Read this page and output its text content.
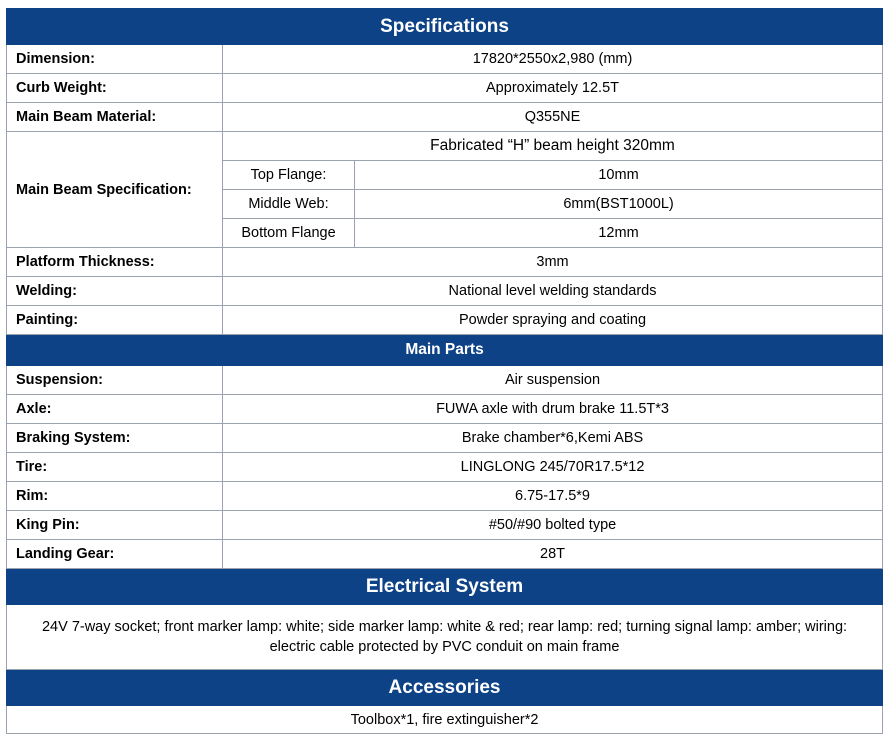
Specifications		
Dimension:	17820*2550x2,980 (mm)	
Curb Weight:	Approximately 12.5T	
Main Beam Material:	Q355NE	
Main Beam Specification:	Fabricated “H” beam height 320mm	
	Top Flange:	10mm
	Middle Web:	6mm(BST1000L)
	Bottom Flange	12mm
Platform Thickness:	3mm	
Welding:	National level welding standards	
Painting:	Powder spraying and coating	
Main Parts		
Suspension:	Air suspension	
Axle:	FUWA axle with drum brake 11.5T*3	
Braking System:	Brake chamber*6,Kemi ABS	
Tire:	LINGLONG 245/70R17.5*12	
Rim:	6.75-17.5*9	
King Pin:	#50/#90 bolted type	
Landing Gear:	28T	
Electrical System		
24V 7-way socket; front marker lamp: white; side marker lamp: white & red; rear lamp: red; turning signal lamp: amber; wiring: electric cable protected by PVC conduit on main frame		
Accessories		
Toolbox*1, fire extinguisher*2		
